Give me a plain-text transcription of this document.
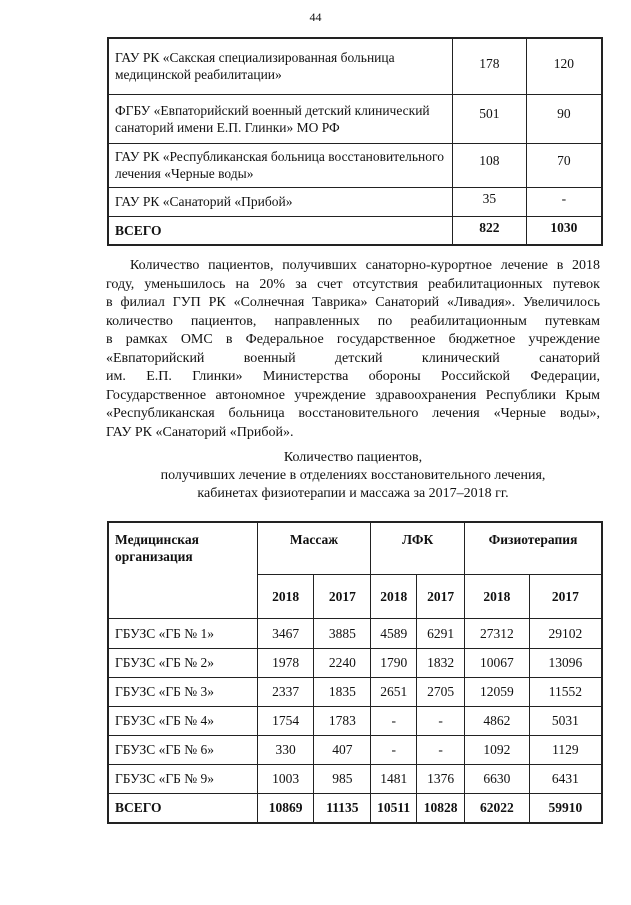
44
ГАУ РК «Сакская специализированная больница медицинской реабилитации»	178	120
ФГБУ «Евпаторийский военный детский клинический санаторий имени Е.П. Глинки» МО РФ	501	90
ГАУ РК «Республиканская больница восстановительного лечения «Черные воды»	108	70
ГАУ РК «Санаторий «Прибой»	35	-
ВСЕГО	822	1030
Количество пациентов, получивших санаторно-курортное лечение в 2018
году, уменьшилось на 20% за счет отсутствия реабилитационных путевок
в филиал ГУП РК «Солнечная Таврика» Санаторий «Ливадия». Увеличилось
количество пациентов, направленных по реабилитационным путевкам
в рамках ОМС в Федеральное государственное бюджетное учреждение
«Евпаторийский военный детский клинический санаторий
им. Е.П. Глинки» Министерства обороны Российской Федерации,
Государственное автономное учреждение здравоохранения Республики Крым
«Республиканская больница восстановительного лечения «Черные воды»,
ГАУ РК «Санаторий «Прибой».
Количество пациентов,
получивших лечение в отделениях восстановительного лечения,
кабинетах физиотерапии и массажа за 2017–2018 гг.
Медицинская организация	Массаж		ЛФК		Физиотерапия	
	2018	2017	2018	2017	2018	2017
ГБУЗС «ГБ № 1»	3467	3885	4589	6291	27312	29102
ГБУЗС «ГБ № 2»	1978	2240	1790	1832	10067	13096
ГБУЗС «ГБ № 3»	2337	1835	2651	2705	12059	11552
ГБУЗС «ГБ № 4»	1754	1783	-	-	4862	5031
ГБУЗС «ГБ № 6»	330	407	-	-	1092	1129
ГБУЗС «ГБ № 9»	1003	985	1481	1376	6630	6431
ВСЕГО	10869	11135	10511	10828	62022	59910
